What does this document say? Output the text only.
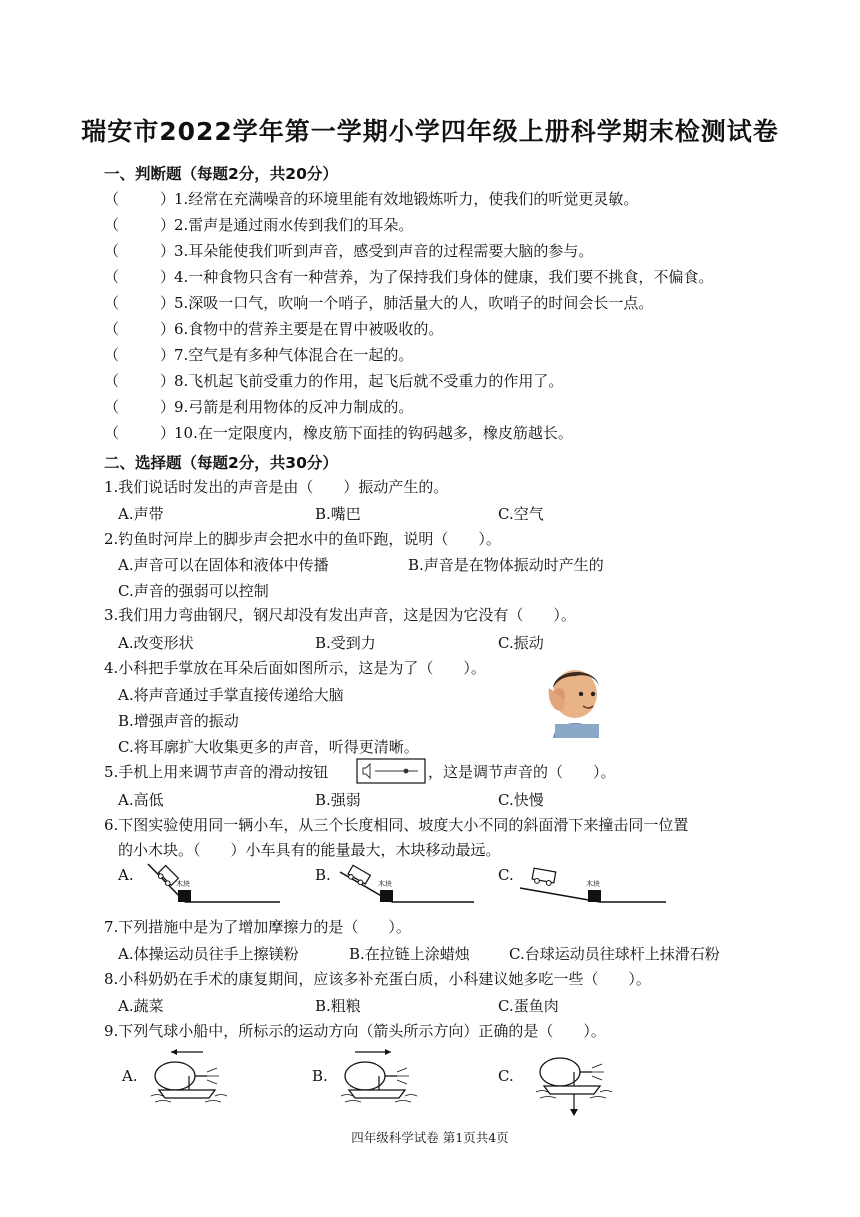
瑞安市2022学年第一学期小学四年级上册科学期末检测试卷
一、判断题（每题2分，共20分）
（	）
1.经常在充满噪音的环境里能有效地锻炼听力，使我们的听觉更灵敏。
（	）
2.雷声是通过雨水传到我们的耳朵。
（	）
3.耳朵能使我们听到声音，感受到声音的过程需要大脑的参与。
（	）
4.一种食物只含有一种营养，为了保持我们身体的健康，我们要不挑食，不偏食。
（	）
5.深吸一口气，吹响一个哨子，肺活量大的人，吹哨子的时间会长一点。
（	）
6.食物中的营养主要是在胃中被吸收的。
（	）
7.空气是有多种气体混合在一起的。
（	）
8.飞机起飞前受重力的作用，起飞后就不受重力的作用了。
（	）
9.弓箭是利用物体的反冲力制成的。
（	）
10.在一定限度内，橡皮筋下面挂的钩码越多，橡皮筋越长。
二、选择题（每题2分，共30分）
1.我们说话时发出的声音是由（　　）振动产生的。
A.声带	B.嘴巴	C.空气
2.钓鱼时河岸上的脚步声会把水中的鱼吓跑，说明（　　）。
A.声音可以在固体和液体中传播	B.声音是在物体振动时产生的
C.声音的强弱可以控制
3.我们用力弯曲钢尺，钢尺却没有发出声音，这是因为它没有（　　）。
A.改变形状	B.受到力	C.振动
4.小科把手掌放在耳朵后面如图所示，这是为了（　　）。
A.将声音通过手掌直接传递给大脑
B.增强声音的振动
C.将耳廓扩大收集更多的声音，听得更清晰。
5.手机上用来调节声音的滑动按钮	，这是调节声音的（　　）。
A.高低	B.强弱	C.快慢
6.下图实验使用同一辆小车，从三个长度相同、坡度大小不同的斜面滑下来撞击同一位置
的小木块。（　　）小车具有的能量最大，木块移动最远。
A.	B.	C.
木块	木块	木块
7.下列措施中是为了增加摩擦力的是（　　）。
A.体操运动员往手上擦镁粉	B.在拉链上涂蜡烛	C.台球运动员往球杆上抹滑石粉
8.小科奶奶在手术的康复期间，应该多补充蛋白质，小科建议她多吃一些（　　）。
A.蔬菜	B.粗粮	C.蛋鱼肉
9.下列气球小船中，所标示的运动方向（箭头所示方向）正确的是（　　）。
A.	B.	C.
四年级科学试卷 第1页共4页
